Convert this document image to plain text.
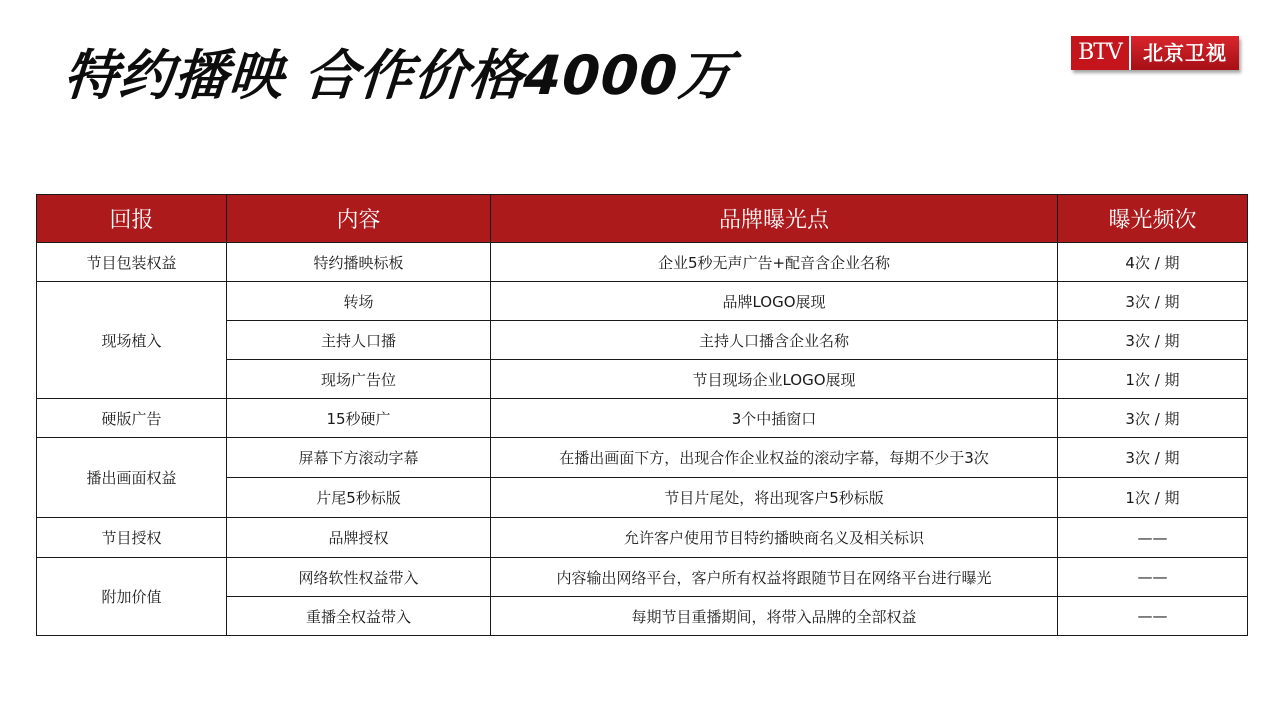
特约播映 合作价格4000万	BTV	北京卫视
回报	内容	品牌曝光点	曝光频次
节目包装权益	特约播映标板	企业5秒无声广告+配音含企业名称	4次 / 期
现场植入	转场	品牌LOGO展现	3次 / 期
	主持人口播	主持人口播含企业名称	3次 / 期
	现场广告位	节目现场企业LOGO展现	1次 / 期
硬版广告	15秒硬广	3个中插窗口	3次 / 期
播出画面权益	屏幕下方滚动字幕	在播出画面下方，出现合作企业权益的滚动字幕，每期不少于3次	3次 / 期
	片尾5秒标版	节目片尾处，将出现客户5秒标版	1次 / 期
节目授权	品牌授权	允许客户使用节目特约播映商名义及相关标识	——
附加价值	网络软性权益带入	内容输出网络平台，客户所有权益将跟随节目在网络平台进行曝光	——
	重播全权益带入	每期节目重播期间，将带入品牌的全部权益	——
